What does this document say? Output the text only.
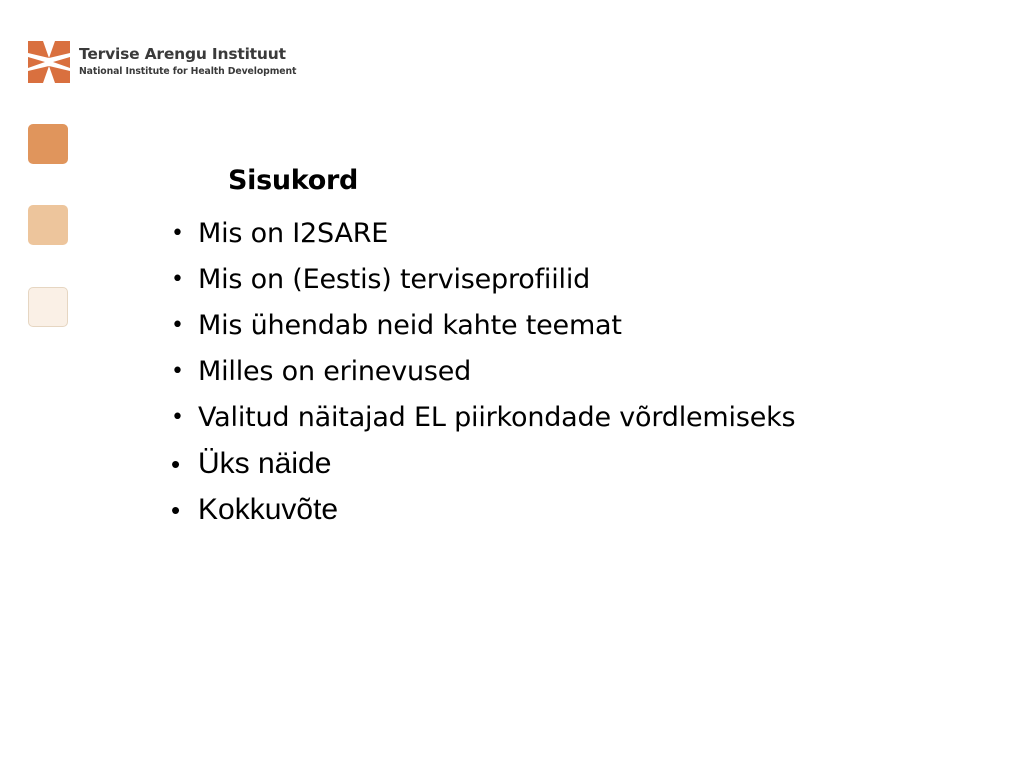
Tervise Arengu Instituut
National Institute for Health Development
Sisukord
• Mis on I2SARE
• Mis on (Eestis) terviseprofiilid
• Mis ühendab neid kahte teemat
• Milles on erinevused
• Valitud näitajad EL piirkondade võrdlemiseks
• Üks näide
• Kokkuvõte
